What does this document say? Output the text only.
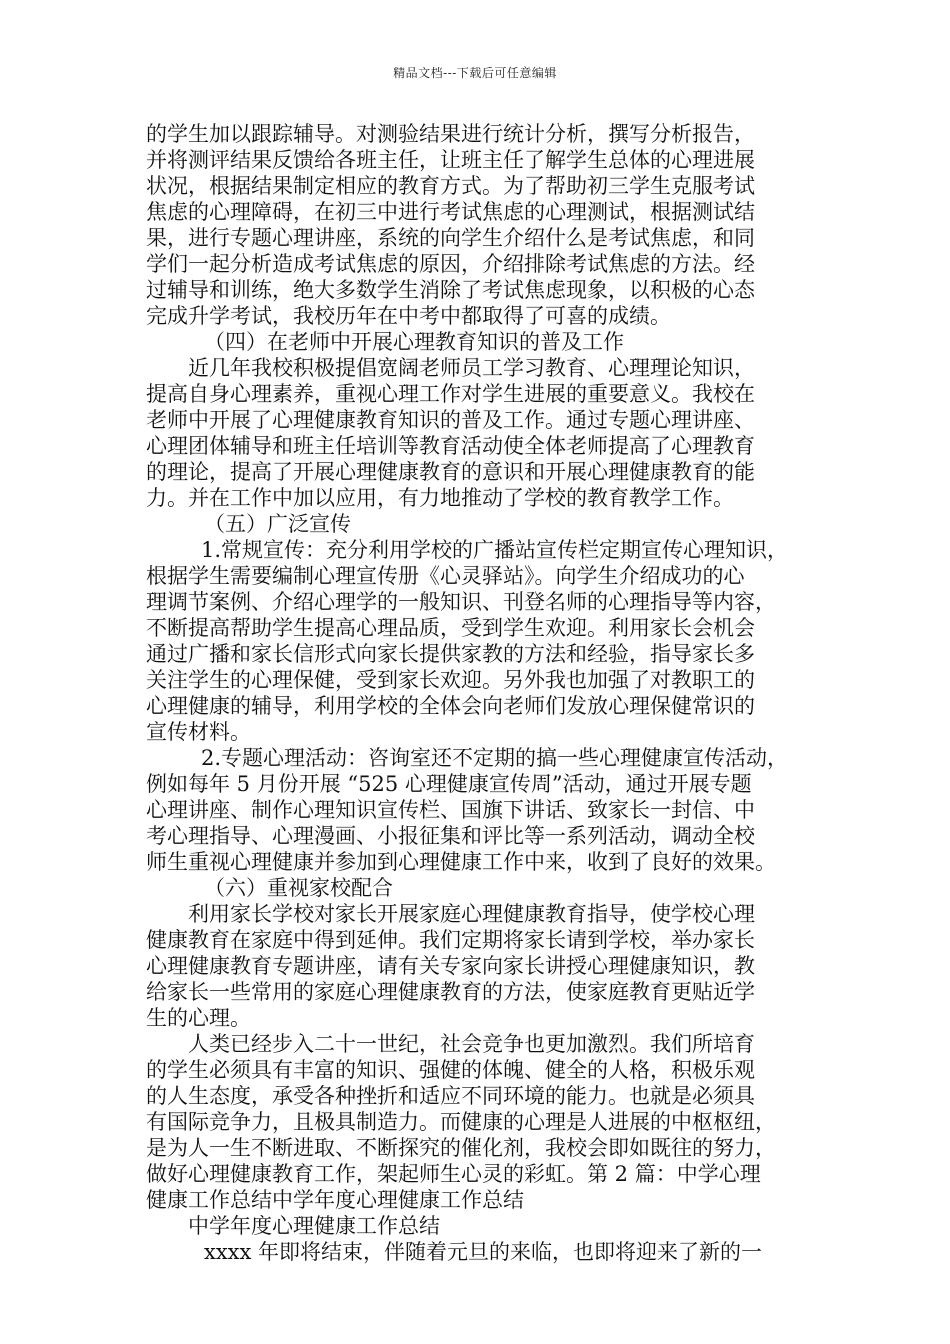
精品文档---下载后可任意编辑
的学生加以跟踪辅导。对测验结果进行统计分析，撰写分析报告，
并将测评结果反馈给各班主任，让班主任了解学生总体的心理进展
状况，根据结果制定相应的教育方式。为了帮助初三学生克服考试
焦虑的心理障碍，在初三中进行考试焦虑的心理测试，根据测试结
果，进行专题心理讲座，系统的向学生介绍什么是考试焦虑，和同
学们一起分析造成考试焦虑的原因，介绍排除考试焦虑的方法。经
过辅导和训练，绝大多数学生消除了考试焦虑现象，以积极的心态
完成升学考试，我校历年在中考中都取得了可喜的成绩。
（四）在老师中开展心理教育知识的普及工作
近几年我校积极提倡宽阔老师员工学习教育、心理理论知识，
提高自身心理素养，重视心理工作对学生进展的重要意义。我校在
老师中开展了心理健康教育知识的普及工作。通过专题心理讲座、
心理团体辅导和班主任培训等教育活动使全体老师提高了心理教育
的理论，提高了开展心理健康教育的意识和开展心理健康教育的能
力。并在工作中加以应用，有力地推动了学校的教育教学工作。
（五）广泛宣传
1.常规宣传：充分利用学校的广播站宣传栏定期宣传心理知识，
根据学生需要编制心理宣传册《心灵驿站》。向学生介绍成功的心
理调节案例、介绍心理学的一般知识、刊登名师的心理指导等内容，
不断提高帮助学生提高心理品质，受到学生欢迎。利用家长会机会
通过广播和家长信形式向家长提供家教的方法和经验，指导家长多
关注学生的心理保健，受到家长欢迎。另外我也加强了对教职工的
心理健康的辅导，利用学校的全体会向老师们发放心理保健常识的
宣传材料。
2.专题心理活动：咨询室还不定期的搞一些心理健康宣传活动，
例如每年 5 月份开展 “525 心理健康宣传周”活动，通过开展专题
心理讲座、制作心理知识宣传栏、国旗下讲话、致家长一封信、中
考心理指导、心理漫画、小报征集和评比等一系列活动，调动全校
师生重视心理健康并参加到心理健康工作中来，收到了良好的效果。
（六）重视家校配合
利用家长学校对家长开展家庭心理健康教育指导，使学校心理
健康教育在家庭中得到延伸。我们定期将家长请到学校，举办家长
心理健康教育专题讲座，请有关专家向家长讲授心理健康知识，教
给家长一些常用的家庭心理健康教育的方法，使家庭教育更贴近学
生的心理。
人类已经步入二十一世纪，社会竞争也更加激烈。我们所培育
的学生必须具有丰富的知识、强健的体魄、健全的人格，积极乐观
的人生态度，承受各种挫折和适应不同环境的能力。也就是必须具
有国际竞争力，且极具制造力。而健康的心理是人进展的中枢枢纽，
是为人一生不断进取、不断探究的催化剂，我校会即如既往的努力，
做好心理健康教育工作，架起师生心灵的彩虹。第 2 篇：中学心理
健康工作总结中学年度心理健康工作总结
中学年度心理健康工作总结
xxxx 年即将结束，伴随着元旦的来临，也即将迎来了新的一
